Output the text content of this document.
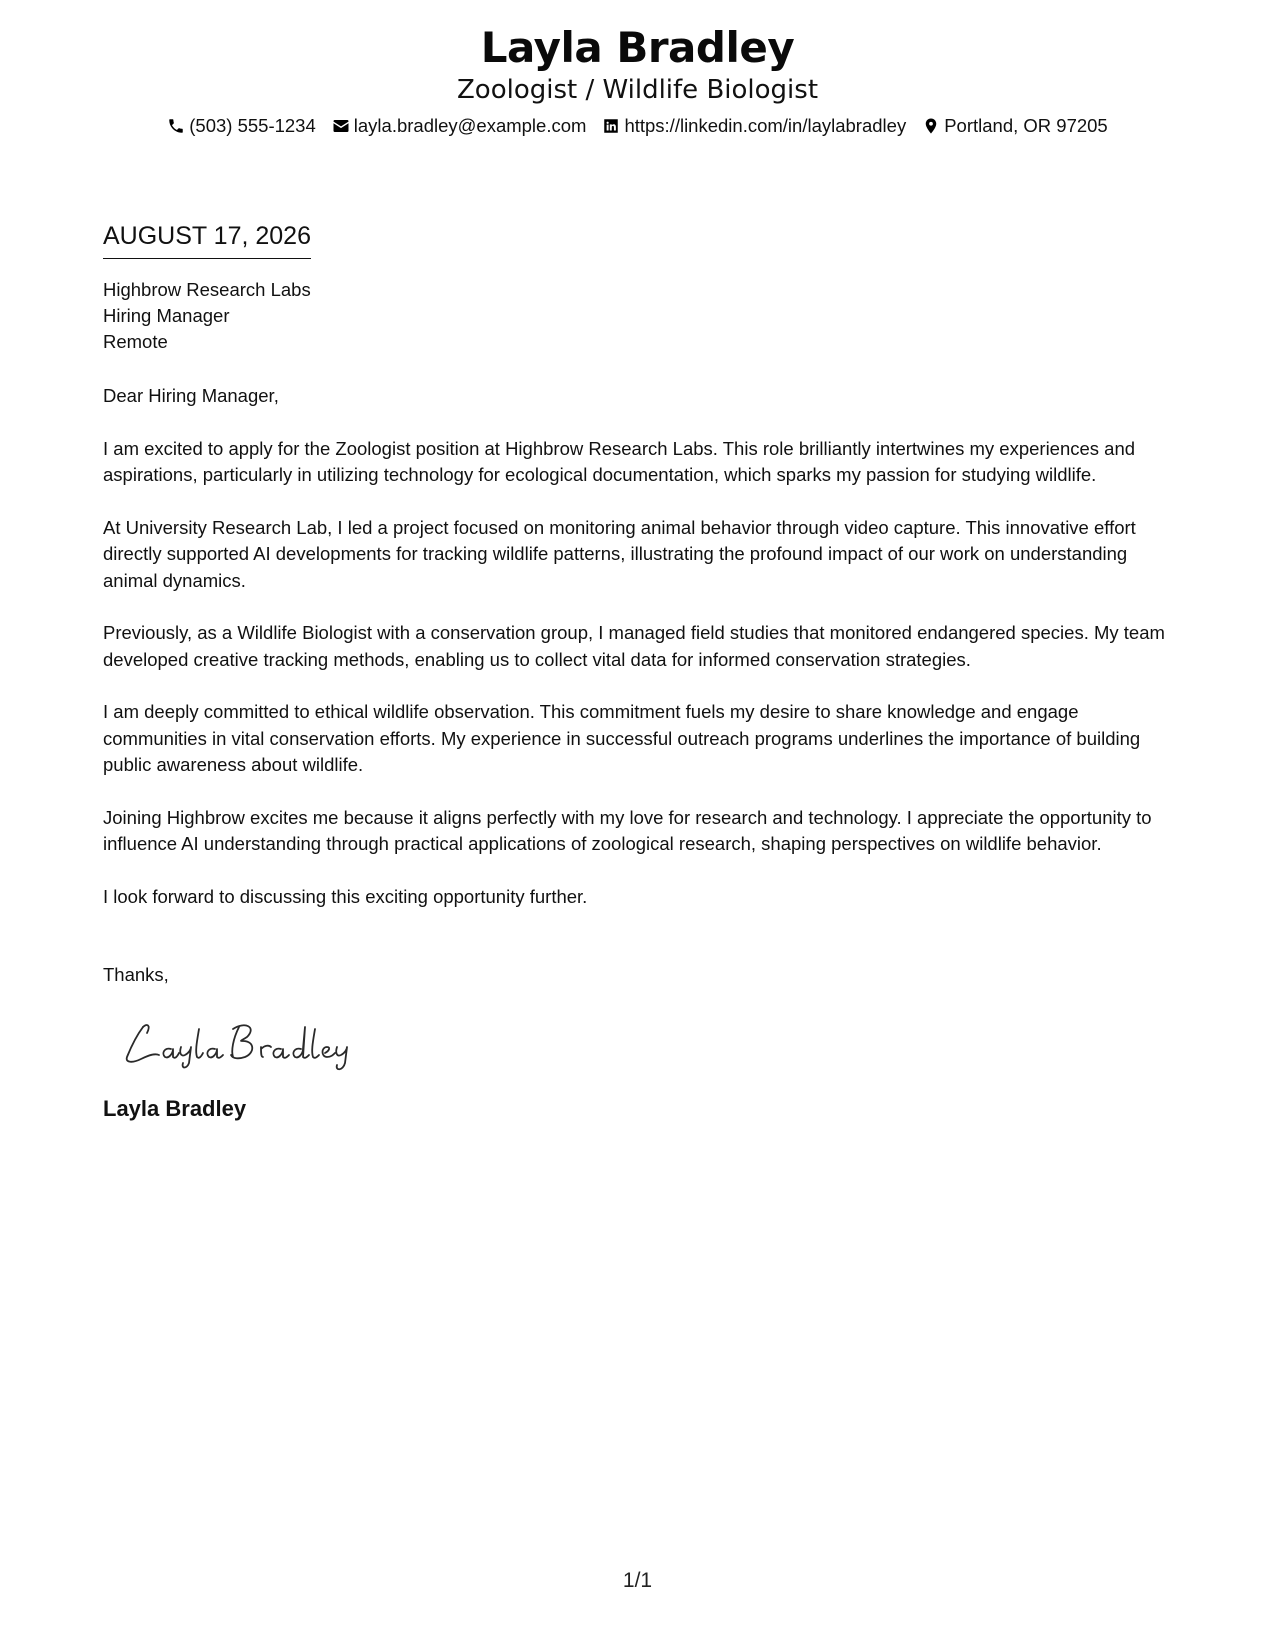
Layla Bradley
Zoologist / Wildlife Biologist
(503) 555-1234 layla.bradley@example.com https://linkedin.com/in/laylabradley Portland, OR 97205
AUGUST 17, 2026
Highbrow Research Labs
Hiring Manager
Remote

Dear Hiring Manager,

I am excited to apply for the Zoologist position at Highbrow Research Labs. This role brilliantly intertwines my experiences and aspirations, particularly in utilizing technology for ecological documentation, which sparks my passion for studying wildlife.

At University Research Lab, I led a project focused on monitoring animal behavior through video capture. This innovative effort directly supported AI developments for tracking wildlife patterns, illustrating the profound impact of our work on understanding animal dynamics.

Previously, as a Wildlife Biologist with a conservation group, I managed field studies that monitored endangered species. My team developed creative tracking methods, enabling us to collect vital data for informed conservation strategies.

I am deeply committed to ethical wildlife observation. This commitment fuels my desire to share knowledge and engage communities in vital conservation efforts. My experience in successful outreach programs underlines the importance of building public awareness about wildlife.

Joining Highbrow excites me because it aligns perfectly with my love for research and technology. I appreciate the opportunity to influence AI understanding through practical applications of zoological research, shaping perspectives on wildlife behavior.

I look forward to discussing this exciting opportunity further.

Thanks,

Layla Bradley
1/1
